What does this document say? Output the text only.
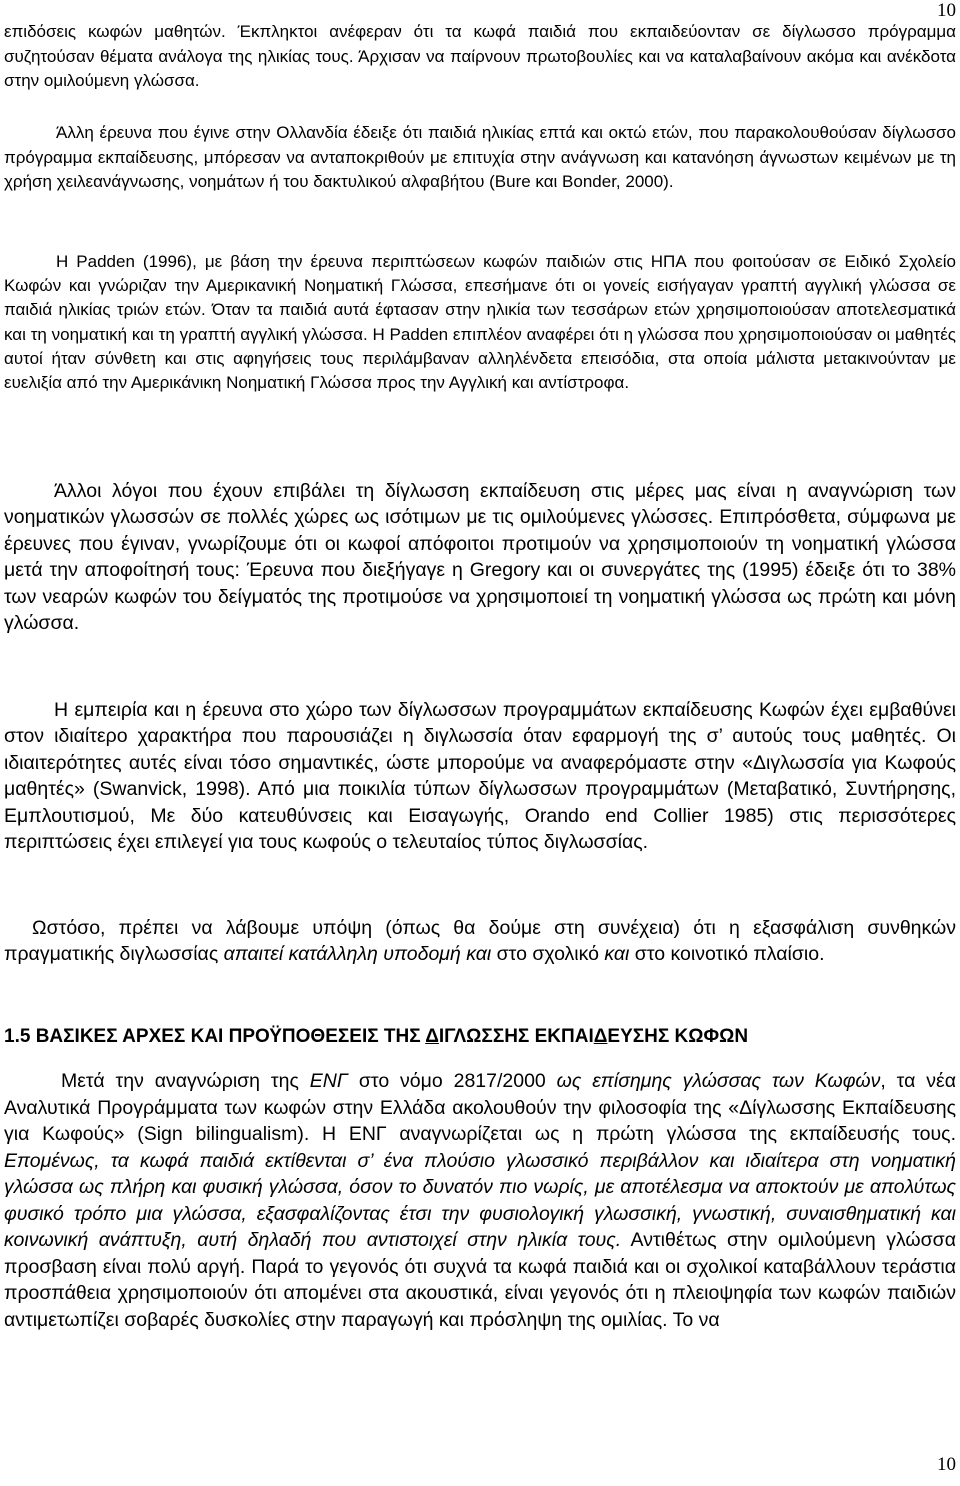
10

επιδόσεις κωφών μαθητών. Έκπληκτοι ανέφεραν ότι τα κωφά παιδιά που εκπαιδεύονταν σε δίγλωσσο πρόγραμμα συζητούσαν θέματα ανάλογα της ηλικίας τους. Άρχισαν να παίρνουν πρωτοβουλίες και να καταλαβαίνουν ακόμα και ανέκδοτα στην ομιλούμενη γλώσσα.

Άλλη έρευνα που έγινε στην Ολλανδία έδειξε ότι παιδιά ηλικίας επτά και οκτώ ετών, που παρακολουθούσαν δίγλωσσο πρόγραμμα εκπαίδευσης, μπόρεσαν να ανταποκριθούν με επιτυχία στην ανάγνωση και κατανόηση άγνωστων κειμένων με τη χρήση χειλεανάγνωσης, νοημάτων ή του δακτυλικού αλφαβήτου (Bure και Bonder, 2000).

Η Padden (1996), με βάση την έρευνα περιπτώσεων κωφών παιδιών στις ΗΠΑ που φοιτούσαν σε Ειδικό Σχολείο Κωφών και γνώριζαν την Αμερικανική Νοηματική Γλώσσα, επεσήμανε ότι οι γονείς εισήγαγαν γραπτή αγγλική γλώσσα σε παιδιά ηλικίας τριών ετών. Όταν τα παιδιά αυτά έφτασαν στην ηλικία των τεσσάρων ετών χρησιμοποιούσαν αποτελεσματικά και τη νοηματική και τη γραπτή αγγλική γλώσσα. Η Padden επιπλέον αναφέρει ότι η γλώσσα που χρησιμοποιούσαν οι μαθητές αυτοί ήταν σύνθετη και στις αφηγήσεις τους περιλάμβαναν αλληλένδετα επεισόδια, στα οποία μάλιστα μετακινούνταν με ευελιξία από την Αμερικάνικη Νοηματική Γλώσσα προς την Αγγλική και αντίστροφα.

Άλλοι λόγοι που έχουν επιβάλει τη δίγλωσση εκπαίδευση στις μέρες μας είναι η αναγνώριση των νοηματικών γλωσσών σε πολλές χώρες ως ισότιμων με τις ομιλούμενες γλώσσες. Επιπρόσθετα, σύμφωνα με έρευνες που έγιναν, γνωρίζουμε ότι οι κωφοί απόφοιτοι προτιμούν να χρησιμοποιούν τη νοηματική γλώσσα μετά την αποφοίτησή τους: Έρευνα που διεξήγαγε η Gregory και οι συνεργάτες της (1995) έδειξε ότι το 38% των νεαρών κωφών του δείγματός της προτιμούσε να χρησιμοποιεί τη νοηματική γλώσσα ως πρώτη και μόνη γλώσσα.

Η εμπειρία και η έρευνα στο χώρο των δίγλωσσων προγραμμάτων εκπαίδευσης Κωφών έχει εμβαθύνει στον ιδιαίτερο χαρακτήρα που παρουσιάζει η διγλωσσία όταν εφαρμογή της σ’ αυτούς τους μαθητές. Οι ιδιαιτερότητες αυτές είναι τόσο σημαντικές, ώστε μπορούμε να αναφερόμαστε στην «Διγλωσσία για Κωφούς μαθητές» (Swanvick, 1998). Από μια ποικιλία τύπων δίγλωσσων προγραμμάτων (Μεταβατικό, Συντήρησης, Εμπλουτισμού, Με δύο κατευθύνσεις και Εισαγωγής, Orando end Collier 1985) στις περισσότερες περιπτώσεις έχει επιλεγεί για τους κωφούς ο τελευταίος τύπος διγλωσσίας.

Ωστόσο, πρέπει να λάβουμε υπόψη (όπως θα δούμε στη συνέχεια) ότι η εξασφάλιση συνθηκών πραγματικής διγλωσσίας απαιτεί κατάλληλη υποδομή και στο σχολικό και στο κοινοτικό πλαίσιο.

1.5 ΒΑΣΙΚΕΣ ΑΡΧΕΣ ΚΑΙ ΠΡΟΫΠΟΘΕΣΕΙΣ ΤΗΣ ΔΙΓΛΩΣΣΗΣ ΕΚΠΑΙΔΕΥΣΗΣ ΚΩΦΩΝ

Μετά την αναγνώριση της ΕΝΓ στο νόμο 2817/2000 ως επίσημης γλώσσας των Κωφών, τα νέα Αναλυτικά Προγράμματα των κωφών στην Ελλάδα ακολουθούν την φιλοσοφία της «Δίγλωσσης Εκπαίδευσης για Κωφούς» (Sign bilingualism). Η ΕΝΓ αναγνωρίζεται ως η πρώτη γλώσσα της εκπαίδευσής τους. Επομένως, τα κωφά παιδιά εκτίθενται σ’ ένα πλούσιο γλωσσικό περιβάλλον και ιδιαίτερα στη νοηματική γλώσσα ως πλήρη και φυσική γλώσσα, όσον το δυνατόν πιο νωρίς, με αποτέλεσμα να αποκτούν με απολύτως φυσικό τρόπο μια γλώσσα, εξασφαλίζοντας έτσι την φυσιολογική γλωσσική, γνωστική, συναισθηματική και κοινωνική ανάπτυξη, αυτή δηλαδή που αντιστοιχεί στην ηλικία τους. Αντιθέτως στην ομιλούμενη γλώσσα προσβαση είναι πολύ αργή. Παρά το γεγονός ότι συχνά τα κωφά παιδιά και οι σχολικοί καταβάλλουν τεράστια προσπάθεια χρησιμοποιούν ότι απομένει στα ακουστικά, είναι γεγονός ότι η πλειοψηφία των κωφών παιδιών αντιμετωπίζει σοβαρές δυσκολίες στην παραγωγή και πρόσληψη της ομιλίας. Το να

10
